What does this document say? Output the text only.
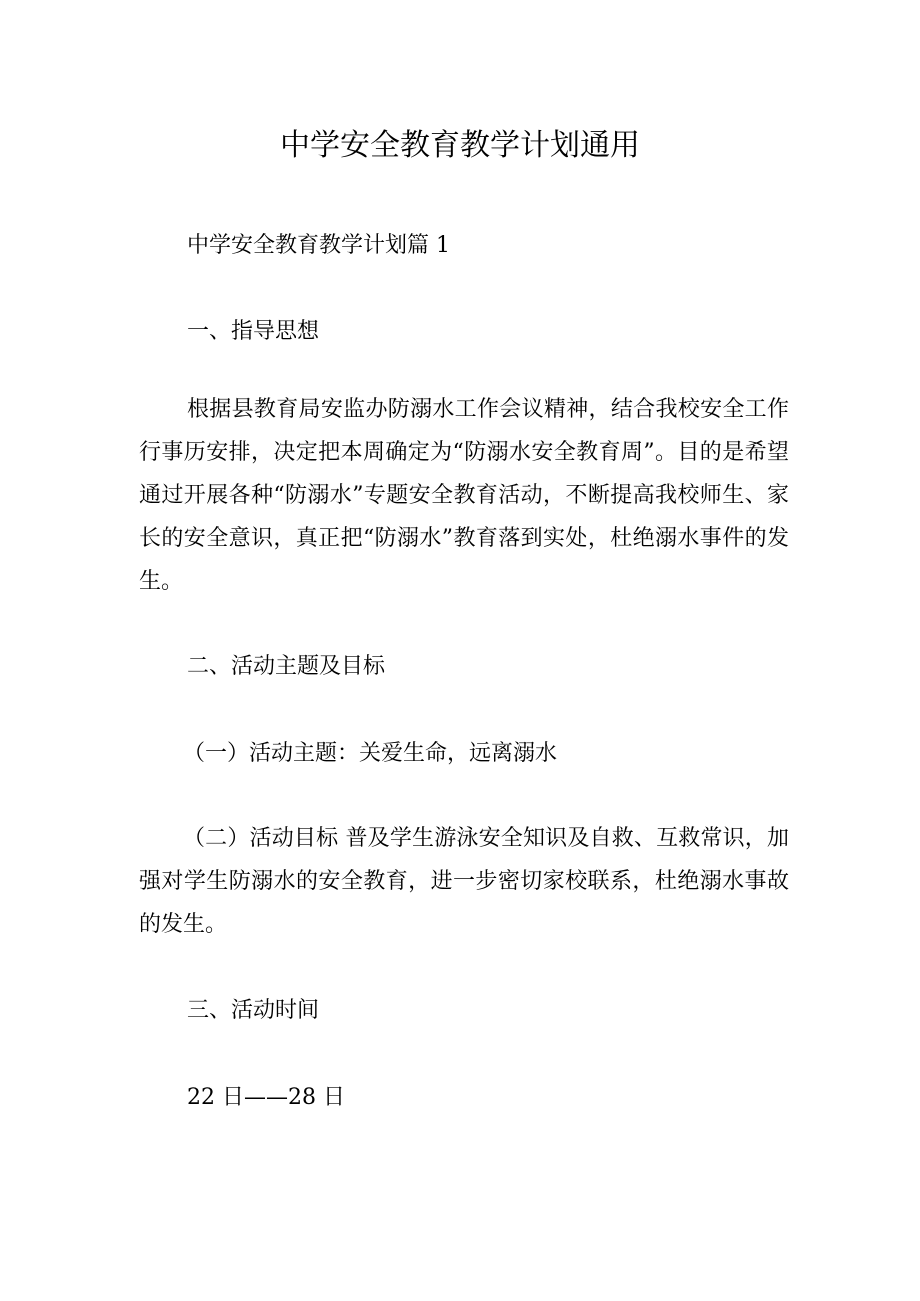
中学安全教育教学计划通用

中学安全教育教学计划篇 1

一、指导思想

根据县教育局安监办防溺水工作会议精神，结合我校安全工作行事历安排，决定把本周确定为“防溺水安全教育周”。目的是希望通过开展各种“防溺水”专题安全教育活动，不断提高我校师生、家长的安全意识，真正把“防溺水”教育落到实处，杜绝溺水事件的发生。

二、活动主题及目标

（一）活动主题：关爱生命，远离溺水

（二）活动目标 普及学生游泳安全知识及自救、互救常识，加强对学生防溺水的安全教育，进一步密切家校联系，杜绝溺水事故的发生。

三、活动时间

22 日——28 日
